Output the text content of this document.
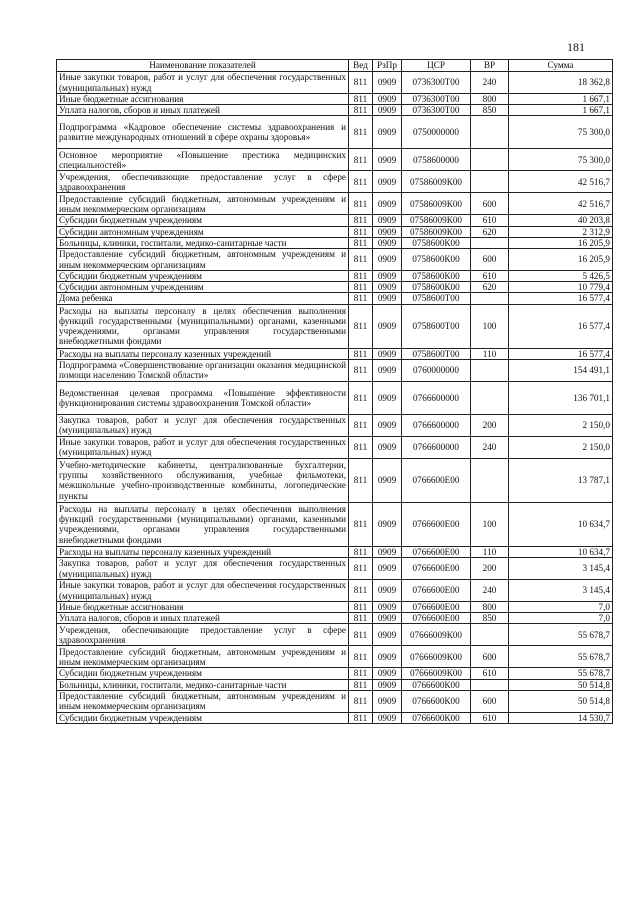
181
Наименование показателей	Вед	РзПр	ЦСР	ВР	Сумма
Иные закупки товаров, работ и услуг для обеспечения государственных (муниципальных) нужд	811	0909	0736300Т00	240	18 362,8
Иные бюджетные ассигнования	811	0909	0736300Т00	800	1 667,1
Уплата налогов, сборов и иных платежей	811	0909	0736300Т00	850	1 667,1
Подпрограмма «Кадровое обеспечение системы здравоохранения и развитие международных отношений в сфере охраны здоровья»	811	0909	0750000000		75 300,0
Основное мероприятие «Повышение престижа медицинских специальностей»	811	0909	0758600000		75 300,0
Учреждения, обеспечивающие предоставление услуг в сфере здравоохранения	811	0909	07586009К00		42 516,7
Предоставление субсидий бюджетным, автономным учреждениям и иным некоммерческим организациям	811	0909	07586009К00	600	42 516,7
Субсидии бюджетным учреждениям	811	0909	07586009К00	610	40 203,8
Субсидии автономным учреждениям	811	0909	07586009К00	620	2 312,9
Больницы, клиники, госпитали, медико-санитарные части	811	0909	0758600К00		16 205,9
Предоставление субсидий бюджетным, автономным учреждениям и иным некоммерческим организациям	811	0909	0758600К00	600	16 205,9
Субсидии бюджетным учреждениям	811	0909	0758600К00	610	5 426,5
Субсидии автономным учреждениям	811	0909	0758600К00	620	10 779,4
Дома ребенка	811	0909	0758600Т00		16 577,4
Расходы на выплаты персоналу в целях обеспечения выполнения функций государственными (муниципальными) органами, казенными учреждениями, органами управления государственными внебюджетными фондами	811	0909	0758600Т00	100	16 577,4
Расходы на выплаты персоналу казенных учреждений	811	0909	0758600Т00	110	16 577,4
Подпрограмма «Совершенствование организации оказания медицинской помощи населению Томской области»	811	0909	0760000000		154 491,1
Ведомственная целевая программа «Повышение эффективности функционирования системы здравоохранения Томской области»	811	0909	0766600000		136 701,1
Закупка товаров, работ и услуг для обеспечения государственных (муниципальных) нужд	811	0909	0766600000	200	2 150,0
Иные закупки товаров, работ и услуг для обеспечения государственных (муниципальных) нужд	811	0909	0766600000	240	2 150,0
Учебно-методические кабинеты, централизованные бухгалтерии, группы хозяйственного обслуживания, учебные фильмотеки, межшкольные учебно-производственные комбинаты, логопедические пункты	811	0909	0766600Е00		13 787,1
Расходы на выплаты персоналу в целях обеспечения выполнения функций государственными (муниципальными) органами, казенными учреждениями, органами управления государственными внебюджетными фондами	811	0909	0766600Е00	100	10 634,7
Расходы на выплаты персоналу казенных учреждений	811	0909	0766600Е00	110	10 634,7
Закупка товаров, работ и услуг для обеспечения государственных (муниципальных) нужд	811	0909	0766600Е00	200	3 145,4
Иные закупки товаров, работ и услуг для обеспечения государственных (муниципальных) нужд	811	0909	0766600Е00	240	3 145,4
Иные бюджетные ассигнования	811	0909	0766600Е00	800	7,0
Уплата налогов, сборов и иных платежей	811	0909	0766600Е00	850	7,0
Учреждения, обеспечивающие предоставление услуг в сфере здравоохранения	811	0909	07666009К00		55 678,7
Предоставление субсидий бюджетным, автономным учреждениям и иным некоммерческим организациям	811	0909	07666009К00	600	55 678,7
Субсидии бюджетным учреждениям	811	0909	07666009К00	610	55 678,7
Больницы, клиники, госпитали, медико-санитарные части	811	0909	0766600К00		50 514,8
Предоставление субсидий бюджетным, автономным учреждениям и иным некоммерческим организациям	811	0909	0766600К00	600	50 514,8
Субсидии бюджетным учреждениям	811	0909	0766600К00	610	14 530,7
